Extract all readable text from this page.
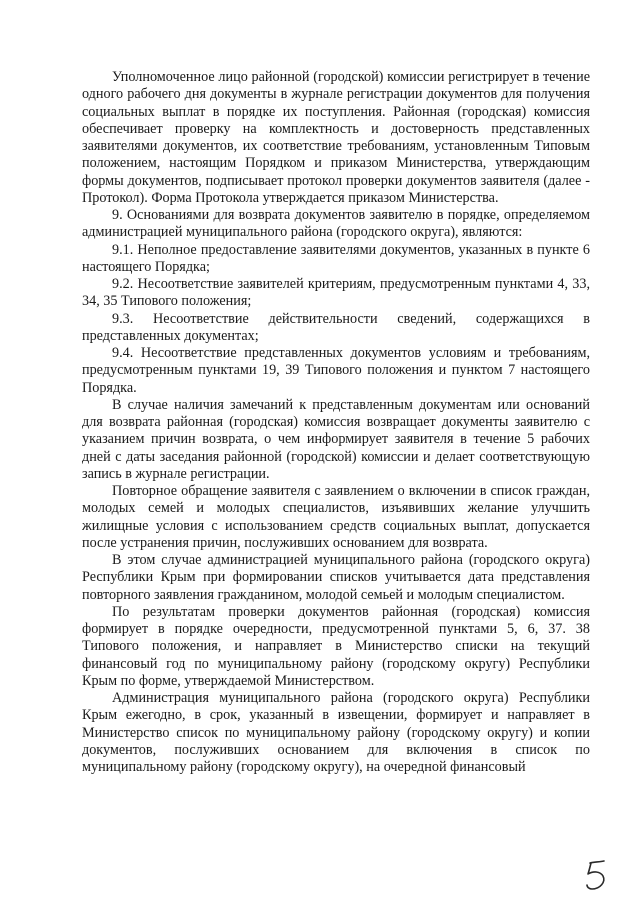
Уполномоченное лицо районной (городской) комиссии регистрирует в течение одного рабочего дня документы в журнале регистрации документов для получения социальных выплат в порядке их поступления. Районная (городская) комиссия обеспечивает проверку на комплектность и достоверность представленных заявителями документов, их соответствие требованиям, установленным Типовым положением, настоящим Порядком и приказом Министерства, утверждающим формы документов, подписывает протокол проверки документов заявителя (далее - Протокол). Форма Протокола утверждается приказом Министерства.

9. Основаниями для возврата документов заявителю в порядке, определяемом администрацией муниципального района (городского округа), являются:

9.1. Неполное предоставление заявителями документов, указанных в пункте 6 настоящего Порядка;

9.2. Несоответствие заявителей критериям, предусмотренным пунктами 4, 33, 34, 35 Типового положения;

9.3. Несоответствие действительности сведений, содержащихся в представленных документах;

9.4. Несоответствие представленных документов условиям и требованиям, предусмотренным пунктами 19, 39 Типового положения и пунктом 7 настоящего Порядка.

В случае наличия замечаний к представленным документам или оснований для возврата районная (городская) комиссия возвращает документы заявителю с указанием причин возврата, о чем информирует заявителя в течение 5 рабочих дней с даты заседания районной (городской) комиссии и делает соответствующую запись в журнале регистрации.

Повторное обращение заявителя с заявлением о включении в список граждан, молодых семей и молодых специалистов, изъявивших желание улучшить жилищные условия с использованием средств социальных выплат, допускается после устранения причин, послуживших основанием для возврата.

В этом случае администрацией муниципального района (городского округа) Республики Крым при формировании списков учитывается дата представления повторного заявления гражданином, молодой семьей и молодым специалистом.

По результатам проверки документов районная (городская) комиссия формирует в порядке очередности, предусмотренной пунктами 5, 6, 37. 38 Типового положения, и направляет в Министерство списки на текущий финансовый год по муниципальному району (городскому округу) Республики Крым по форме, утверждаемой Министерством.

Администрация муниципального района (городского округа) Республики Крым ежегодно, в срок, указанный в извещении, формирует и направляет в Министерство список по муниципальному району (городскому округу) и копии документов, послуживших основанием для включения в список по муниципальному району (городскому округу), на очередной финансовый
